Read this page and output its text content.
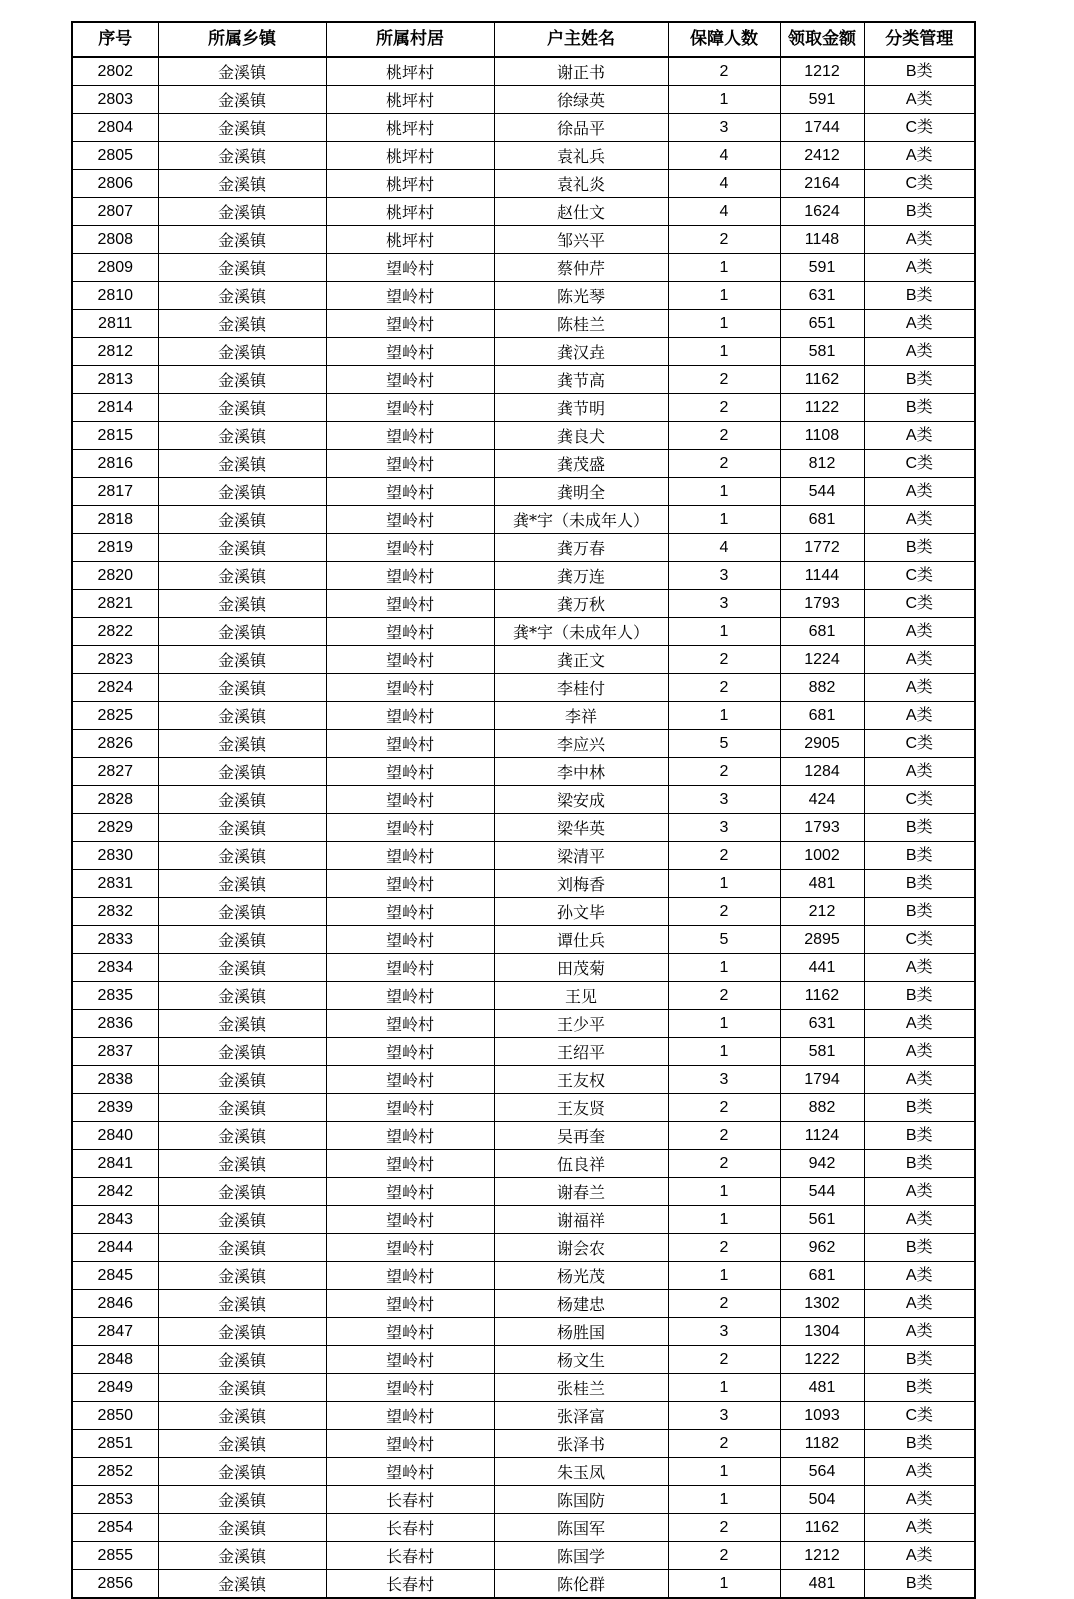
序号	所属乡镇	所属村居	户主姓名	保障人数	领取金额	分类管理
2802	金溪镇	桃坪村	谢正书	2	1212	B类
2803	金溪镇	桃坪村	徐绿英	1	591	A类
2804	金溪镇	桃坪村	徐品平	3	1744	C类
2805	金溪镇	桃坪村	袁礼兵	4	2412	A类
2806	金溪镇	桃坪村	袁礼炎	4	2164	C类
2807	金溪镇	桃坪村	赵仕文	4	1624	B类
2808	金溪镇	桃坪村	邹兴平	2	1148	A类
2809	金溪镇	望岭村	蔡仲芹	1	591	A类
2810	金溪镇	望岭村	陈光琴	1	631	B类
2811	金溪镇	望岭村	陈桂兰	1	651	A类
2812	金溪镇	望岭村	龚汉垚	1	581	A类
2813	金溪镇	望岭村	龚节高	2	1162	B类
2814	金溪镇	望岭村	龚节明	2	1122	B类
2815	金溪镇	望岭村	龚良犬	2	1108	A类
2816	金溪镇	望岭村	龚茂盛	2	812	C类
2817	金溪镇	望岭村	龚明全	1	544	A类
2818	金溪镇	望岭村	龚*宇（未成年人）	1	681	A类
2819	金溪镇	望岭村	龚万春	4	1772	B类
2820	金溪镇	望岭村	龚万连	3	1144	C类
2821	金溪镇	望岭村	龚万秋	3	1793	C类
2822	金溪镇	望岭村	龚*宇（未成年人）	1	681	A类
2823	金溪镇	望岭村	龚正文	2	1224	A类
2824	金溪镇	望岭村	李桂付	2	882	A类
2825	金溪镇	望岭村	李祥	1	681	A类
2826	金溪镇	望岭村	李应兴	5	2905	C类
2827	金溪镇	望岭村	李中林	2	1284	A类
2828	金溪镇	望岭村	梁安成	3	424	C类
2829	金溪镇	望岭村	梁华英	3	1793	B类
2830	金溪镇	望岭村	梁清平	2	1002	B类
2831	金溪镇	望岭村	刘梅香	1	481	B类
2832	金溪镇	望岭村	孙文毕	2	212	B类
2833	金溪镇	望岭村	谭仕兵	5	2895	C类
2834	金溪镇	望岭村	田茂菊	1	441	A类
2835	金溪镇	望岭村	王见	2	1162	B类
2836	金溪镇	望岭村	王少平	1	631	A类
2837	金溪镇	望岭村	王绍平	1	581	A类
2838	金溪镇	望岭村	王友权	3	1794	A类
2839	金溪镇	望岭村	王友贤	2	882	B类
2840	金溪镇	望岭村	吴再奎	2	1124	B类
2841	金溪镇	望岭村	伍良祥	2	942	B类
2842	金溪镇	望岭村	谢春兰	1	544	A类
2843	金溪镇	望岭村	谢福祥	1	561	A类
2844	金溪镇	望岭村	谢会农	2	962	B类
2845	金溪镇	望岭村	杨光茂	1	681	A类
2846	金溪镇	望岭村	杨建忠	2	1302	A类
2847	金溪镇	望岭村	杨胜国	3	1304	A类
2848	金溪镇	望岭村	杨文生	2	1222	B类
2849	金溪镇	望岭村	张桂兰	1	481	B类
2850	金溪镇	望岭村	张泽富	3	1093	C类
2851	金溪镇	望岭村	张泽书	2	1182	B类
2852	金溪镇	望岭村	朱玉凤	1	564	A类
2853	金溪镇	长春村	陈国防	1	504	A类
2854	金溪镇	长春村	陈国军	2	1162	A类
2855	金溪镇	长春村	陈国学	2	1212	A类
2856	金溪镇	长春村	陈伦群	1	481	B类
